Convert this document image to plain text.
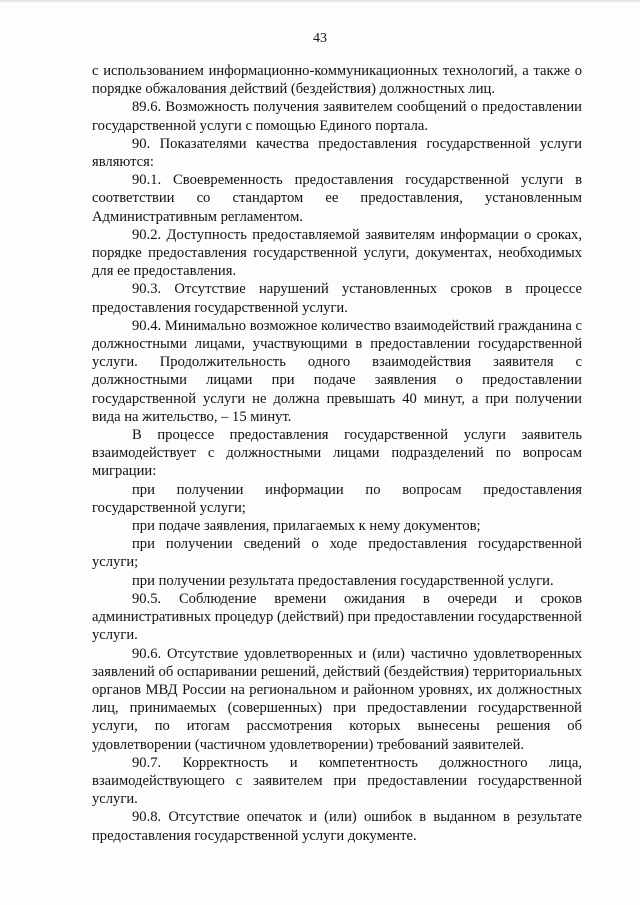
43

с использованием информационно-коммуникационных технологий, а также о порядке обжалования действий (бездействия) должностных лиц.

89.6. Возможность получения заявителем сообщений о предоставлении государственной услуги с помощью Единого портала.

90. Показателями качества предоставления государственной услуги являются:

90.1. Своевременность предоставления государственной услуги в соответствии со стандартом ее предоставления, установленным Административным регламентом.

90.2. Доступность предоставляемой заявителям информации о сроках, порядке предоставления государственной услуги, документах, необходимых для ее предоставления.

90.3. Отсутствие нарушений установленных сроков в процессе предоставления государственной услуги.

90.4. Минимально возможное количество взаимодействий гражданина с должностными лицами, участвующими в предоставлении государственной услуги. Продолжительность одного взаимодействия заявителя с должностными лицами при подаче заявления о предоставлении государственной услуги не должна превышать 40 минут, а при получении вида на жительство, – 15 минут.

В процессе предоставления государственной услуги заявитель взаимодействует с должностными лицами подразделений по вопросам миграции:

при получении информации по вопросам предоставления государственной услуги;

при подаче заявления, прилагаемых к нему документов;

при получении сведений о ходе предоставления государственной услуги;

при получении результата предоставления государственной услуги.

90.5. Соблюдение времени ожидания в очереди и сроков административных процедур (действий) при предоставлении государственной услуги.

90.6. Отсутствие удовлетворенных и (или) частично удовлетворенных заявлений об оспаривании решений, действий (бездействия) территориальных органов МВД России на региональном и районном уровнях, их должностных лиц, принимаемых (совершенных) при предоставлении государственной услуги, по итогам рассмотрения которых вынесены решения об удовлетворении (частичном удовлетворении) требований заявителей.

90.7. Корректность и компетентность должностного лица, взаимодействующего с заявителем при предоставлении государственной услуги.

90.8. Отсутствие опечаток и (или) ошибок в выданном в результате предоставления государственной услуги документе.
